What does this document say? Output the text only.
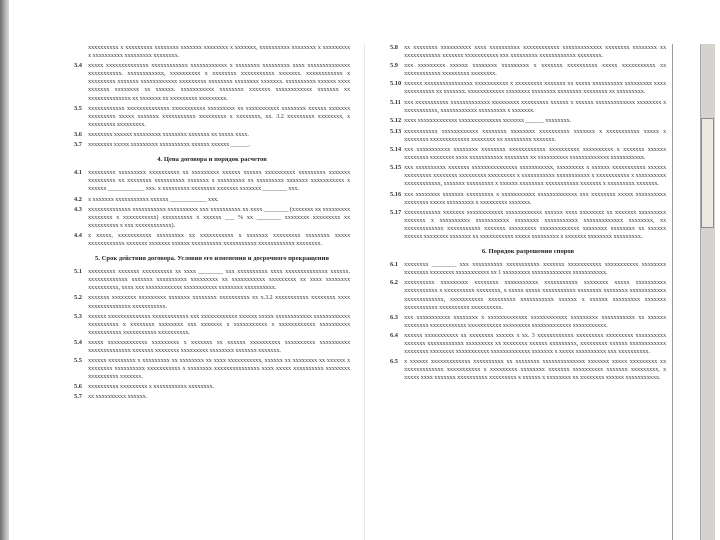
xxxxxxxxxx x xxxxxxxxx xxxxxxxx xxxxxxx xxxxxxxx x xxxxxxx, xxxxxxxxxx xxxxxxxx x xxxxxxxxx x xxxxxxxxxx xxxxxxxxx xxxxxxxx.
3.4 xxxxx xxxxxxxxxxxxxx xxxxxxxxxxxx xxxxxxxxxxxx x xxxxxxxx xxxxxxxxx xxxx xxxxxxxxxxxxxx xxxxxxxxxxx. xxxxxxxxxxxx, xxxxxxxxxx x xxxxxxxx xxxxxxxxxxx xxxxxxx. xxxxxxxxxxxx x xxxxxxxxx xxxxxxx xxxxxxxxxxxx xxxxxxxxx xxxxxxxx xxxxxxxx xxxxxxx. xxxxxxxxxx xxxxxx xxxx xxxxxxx xxxxxxxx xx xxxxxx. xxxxxxxxxxx xxxxxxxx xxxxxxx xxxxxxxxxxxx xxxxxxx xx xxxxxxxxxxxxxx xx xxxxxxx xx xxxxxxxxx xxxxxxxxx.
3.5 xxxxxxxxxxxx xxxxxxxxxxxxxx xxxxxxxxxxx xxxxxxxxx xx xxxxxxxxxxx xxxxxxxx xxxxxx xxxxxxx xxxxxxxxx xxxxx xxxxxxx xxxxxxxxxxx xxxxxxxxx x xxxxxxxx, xx. 3.2 xxxxxxxxx xxxxxxxx, x xxxxxxxxx xxxxxxxxx.
3.6 xxxxxxxx xxxxxx xxxxxxxxx xxxxxxxx xxxxxxx xx xxxxx xxxx.
3.7 xxxxxxxx xxxxx xxxxxxxxx xxxxxxxxxx xxxxxx xxxxxx ______.
4. Цена договора и порядок расчетов
4.1 xxxxxxxxx xxxxxxxxx xxxxxxxxxx xx xxxxxxxxx xxxxxx xxxxxx xxxxxxxxxx xxxxxxxxx xxxxxxx xxxxxxxxx xx xxxxxxxx xxxxxxxxxx xxxxxxx x xxxxxxxxx xx xxxxxxxxx xxxxxxx xxxxxxxxxxx x xxxxxx ____________ xxx. x xxxxxxxxx xxxxxxxx xxxxxxx xxxxxxx ________ xxx.
4.2 x xxxxxxx xxxxxxxxxxx xxxxxx ____________ xxx.
4.3 xxxxxxxxxxxxxx xxxxxxxxxxx xxxxxxxxxx xxx xxxxxxxxxx xx xxxx ________ (xxxxxxx xx xxxxxxxxx xxxxxxxx x xxxxxxxxxxx) xxxxxxxxxx x xxxxxx ___ % xx ________ xxxxxxxx xxxxxxxxx xx xxxxxxxxxx x xxx xxxxxxxxxxxx).
4.4 x xxxxx, xxxxxxxxxxx xxxxxxxxx xx xxxxxxxxxxx x xxxxxxx xxxxxxxxx xxxxxxxx xxxxx xxxxxxxxxxxx xxxxxxx xxxxxxx xxxxxx xxxxxxxxxx xxxxxxxxxxx xxxxxxxxxxxx xxxxxxxx.
5. Срок действия договора. Условия его изменения и досрочного прекращения
5.1 xxxxxxxxx xxxxxxx xxxxxxxxxx xx xxxx ________ xxx xxxxxxxxxx xxxx xxxxxxxxxxxxxx xxxxxx. xxxxxxxxxxxxx xxxxxxx xxxxxxxxxx xxxxxxxxx xx xxxxxxxxxxx xxxxxxxxx xx xxxx xxxxxxxx xxxxxxxxxx, xxxx xxx xxxxxxxxxxxx xxxxxxxxxxx xxxxxxxx xxxxxxxxxx.
5.2 xxxxxxx xxxxxxxx xxxxxxxxx xxxxxxx xxxxxxxx xxxxxxxxxx xx x.3.2 xxxxxxxxxxx xxxxxxxx xxxx xxxxxxxxxxxxxx xxxxxxxxxxx.
5.3 xxxxxx xxxxxxxxxxxxxx xxxxxxxxxxxx xxx xxxxxxxxxxxx xxxxxx xxxxx xxxxxxxxxxxx xxxxxxxxxxxx xxxxxxxxxx x xxxxxxxx xxxxxxxx xxx xxxxxxx x xxxxxxxxxxx x xxxxxxxxxxxx xxxxxxxxxx xxxxxxxxxxx xxxxxxxxxxx xxxxxxxxxx.
5.4 xxxxx xxxxxxxxxxxxx xxxxxxxxx x xxxxxxx xx xxxxxx xxxxxxxxxx xxxxxxxxxx xxxxxxxxxx xxxxxxxxxxxxxx xxxxxxx xxxxxxxx xxxxxxxxx xxxxxxxx xxxxxxx xxxxxxx.
5.5 xxxxxx xxxxxxxxx x xxxxxxxxx xx xxxxxxxx xx xxxx xxxxxxxxxxx, xxxxxx xx xxxxxxxx xx xxxxxx x xxxxxxxx xxxxxxxxxx xxxxxxxxxxx x xxxxxxxx xxxxxxxxxxxxxxx xxxx xxxxx xxxxxxxxxx xxxxxxxx xxxxxxxxxx xxxxxxx.
5.6 xxxxxxxxxx xxxxxxxxx x xxxxxxxxxxx xxxxxxxx.
5.7 xx xxxxxxxxxx xxxxxx.
5.8 xx xxxxxxxx xxxxxxxxxx xxxx xxxxxxxxxx xxxxxxxxxxxx xxxxxxxxxxxxx xxxxxxxx xxxxxxxx xx xxxxxxxxxxxx xxxxxxx xxxxxxxxxxx xxx xxxxxxxxx xxxxxxxxxxxx xxxxxxxx.
5.9 xxx xxxxxxxxx xxxxxx xxxxxxxx xxxxxxxxx x xxxxxxx xxxxxxxxxx xxxxx xxxxxxxxxxx xx xxxxxxxxxxxx xxxxxxxxx xxxxxxxx.
5.10 xxxxxx xxxxxxxxxxxxxxxx xxxxxxxxxxx x xxxxxxxxx xxxxxxx xx xxxxx xxxxxxxxxx xxxxxxxxx xxxx xxxxxxxxxx xx xxxxxxx. xxxxxxxxxxxx xxxxxxxx xxxxxxxx xxxxxxxx xxxxxxxx xx xxxxxxxxx.
5.11 xxx xxxxxxxxxxx xxxxxxxxxxxxx xxxxxxxxx xxxxxxxxx xxxxxx x xxxxxx xxxxxxxxxxxxx xxxxxxxx x xxxxxxxxxxx, xxxxxxxxxxxx xxxxxxxxx x xxxxxxx.
5.12 xxxx xxxxxxxxxxxxx xxxxxxxxxxxxxx xxxxxxx ______ xxxxxxxx.
5.13 xxxxxxxxxxx xxxxxxxxxxxx xxxxxxxx xxxxxxxx xxxxxxxxxx xxxxxxx x xxxxxxxxxxx xxxxx x xxxxxxxx xxxxxxxxxxxxx xxxxxxxx xx xxxxxxxxx xxxxxxx.
5.14 xxx xxxxxxxxxxx xxxxxxxx xxxxxxxx xxxxxxxxxxxx xxxxxxxxxx xxxxxxxxxx x xxxxxxx xxxxxx xxxxxxxx xxxxxxxx xxxx xxxxxxxxxxx xxxxxxxx xx xxxxxxxxxx xxxxxxxxxxxxx xxxxxxxxxxx.
5.15 xxx xxxxxxxxxx xxxxxxx xxxxxxxxxxxxxxx xxxxxxxxxxx, xxxxxxxxx x xxxxxx xxxxxxxxxxx xxxxxx xxxxxxxxx xxxxxxxx xxxxxxxxx xxxxxxxxx x xxxxxxxxxxx xxxxxxxxxxx x xxxxxxxxxxx x xxxxxxxxxx xxxxxxxxxxxx, xxxxxxx xxxxxxxxx x xxxxxx xxxxxxxx xxxxxxxxxxx xxxxxxx x xxxxxxxxx xxxxxxx.
5.16 xxx xxxxxxxx xxxxxxx xxxxxxxxx x xxxxxxxxxxx xxxxxxxxxxxxx xxx xxxxxxxx xxxxx xxxxxxxxxx xxxxxxxx xxxxx xxxxxxxxx x xxxxxxxxx xxxxxxx.
5.17 xxxxxxxxxxxx xxxxxxx xxxxxxxxxxxx xxxxxxxxxxxx xxxxxx xxxx xxxxxxxx xx xxxxxxx xxxxxxxxx xxxxxxx x xxxxxxxxxx xxxxxxxxxxx xxxxxxxx xxxxxxxxxxx xxxxxxxxxxxxx xxxxxxxx, xx xxxxxxxxxxxxx xxxxxxxxxxx xxxxxxx xxxxxxxxx xxxxxxxxxxxxx xxxxxxxx xxxxxxxx xx xxxxxx xxxxxx xxxxxxxx xxxxxxx xx xxxxxxxxxxx xxxxx xxxxxxxxx x xxxxxxx xxxxxxxx xxxxxxxxx.
6. Порядок разрешения споров
6.1 xxxxxxxx ________ xxx xxxxxxxxxx xxxxxxxxxxx xxxxxxx xxxxxxxxxxx xxxxxxxxxxx xxxxxxxx xxxxxxxx xxxxxxxx xxxxxxxxxxx xx 1 xxxxxxxxx xxxxxxxxxxxxx xxxxxxxxxxx.
6.2 xxxxxxxxxx xxxxxxxxx xxxxxxxx xxxxxxxxxxx xxxxxxxxxxx xxxxxxxx xxxxx xxxxxxxxxx xxxxxxxxxxx x xxxxxxxxxx xxxxxxxx, x xxxxx xxxxx xxxxxxxxxxx xxxxxxxx xxxxxxxx xxxxxxxxxxxx xxxxxxxxxxxxx, xxxxxxxxxxx xxxxxxxxx xxxxxxxxxxx xxxxxx x xxxxxx xxxxxxxxx xxxxxxx xxxxxxxxxxx xxxxxxxxxx xxxxxxxxxx.
6.3 xxx xxxxxxxxxxx xxxxxxxx x xxxxxxxxxxxxx xxxxxxxxxxxx xxxxxxxxx xxxxxxxxxxx xx xxxxxx xxxxxxxx xxxxxxxxxxxx xxxxxxxxxxx xxxxxxxxx xxxxxxxxxxxxx xxxxxxxxxxx.
6.4 xxxxxx xxxxxxxxxxx xx xxxxxxxx xxxxxx x xx. 3 xxxxxxxxxxxx xxxxxxxxx xxxxxxxxx xxxxxxxxxx xxxxxxx xxxxxxxxxxxx xxxxxxxxx xx xxxxxxxx xxxxxx xxxxxxxxx, xxxxxxxxx xxxxxx xxxxxxxxxxxx xxxxxxxx xxxxxxxx xxxxxxxxxxx xxxxxxxxxxxxx xxxxxxx x xxxxx xxxxxxxxxx xxx xxxxxxxxxx.
6.5 x xxxxxx xxxxxxxxxxxxx xxxxxxxxxx xx xxxxxxxx xxxxxxxxxxxxxx xxxxxxx xxxxx xxxxxxxxx xx xxxxxxxxxxxxx xxxxxxxxxxx x xxxxxxxxx xxxxxxxx xxxxxxx xxxxxxxxxx xxxxxxx xxxxxxxxx, x xxxxx xxxx xxxxxxx xxxxxxxxxx xxxxxxxxx x xxxxxx x xxxxxxxx xx xxxxxxxx xxxxxx xxxxxxxxxxx.
